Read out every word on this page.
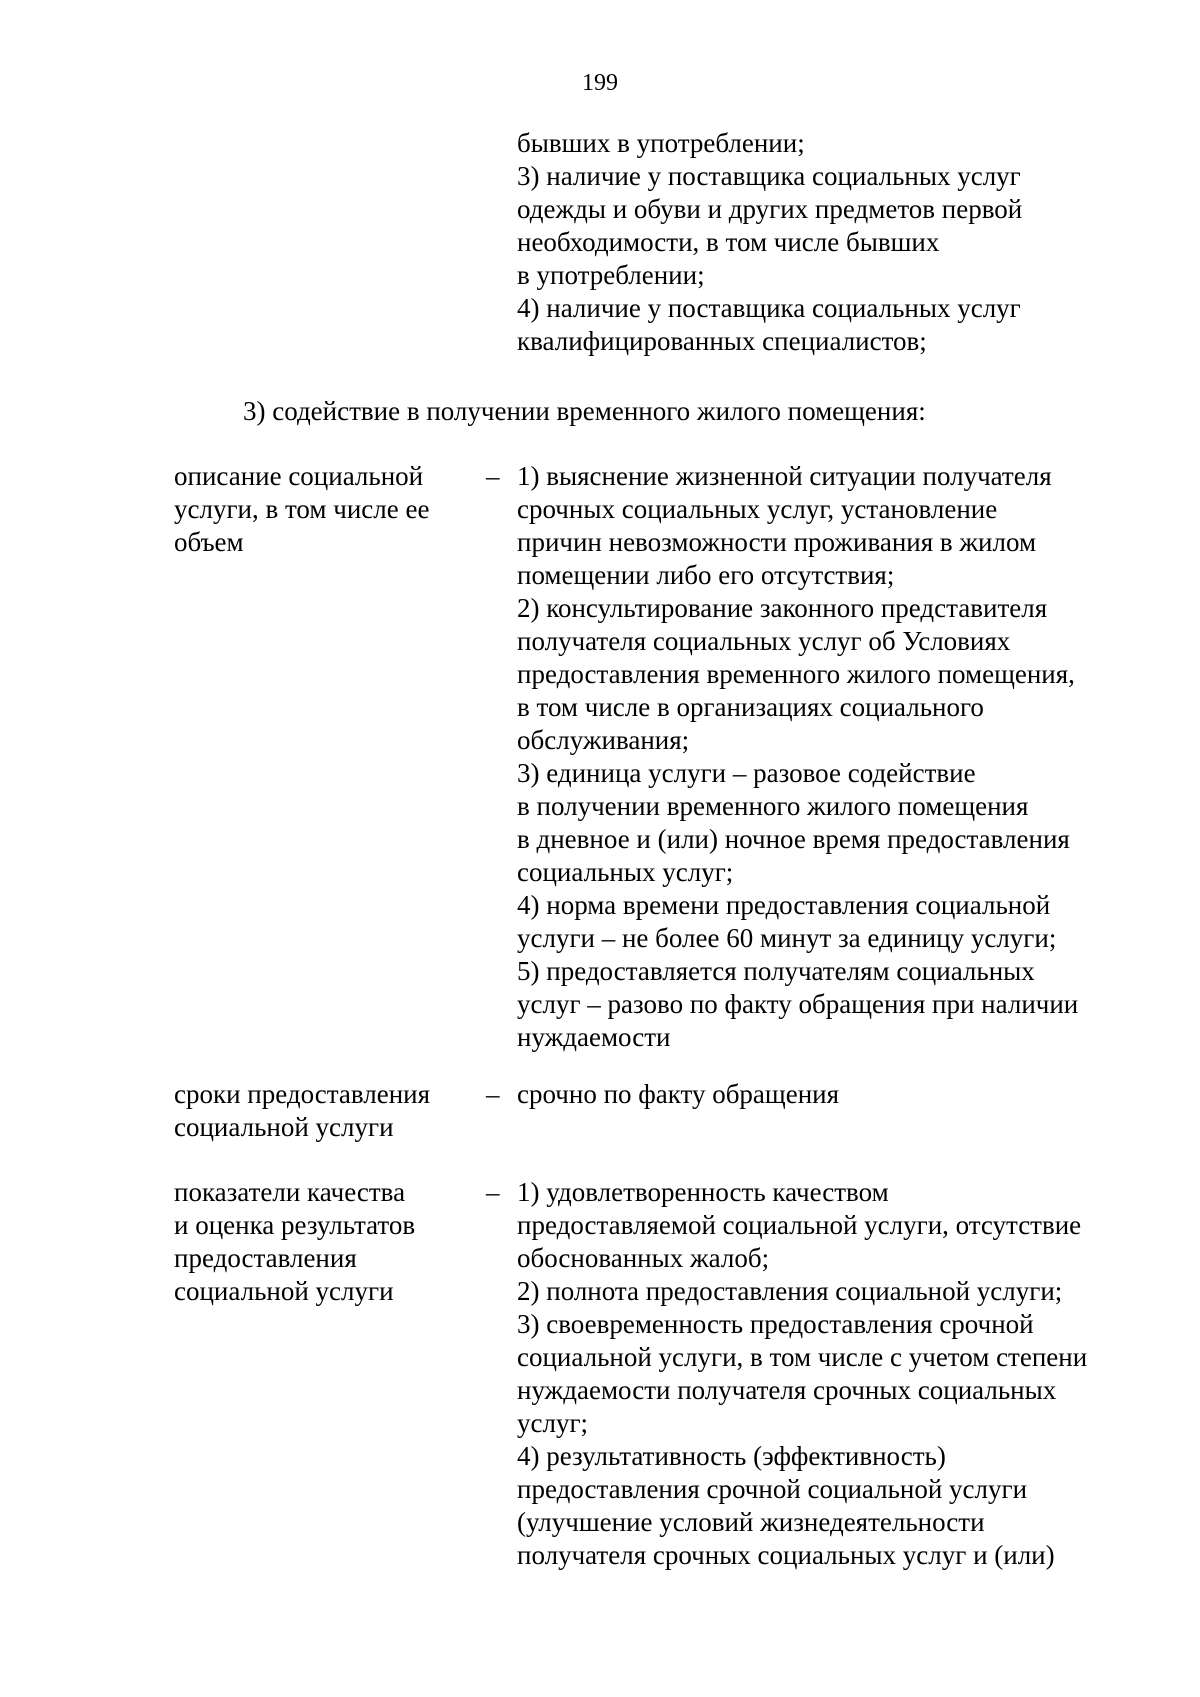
199
бывших в употреблении;
3) наличие у поставщика социальных услуг
одежды и обуви и других предметов первой
необходимости, в том числе бывших
в употреблении;
4) наличие у поставщика социальных услуг
квалифицированных специалистов;
3) содействие в получении временного жилого помещения:
описание социальной
услуги, в том числе ее
объем
– 1) выяснение жизненной ситуации получателя
срочных социальных услуг, установление
причин невозможности проживания в жилом
помещении либо его отсутствия;
2) консультирование законного представителя
получателя социальных услуг об Условиях
предоставления временного жилого помещения,
в том числе в организациях социального
обслуживания;
3) единица услуги – разовое содействие
в получении временного жилого помещения
в дневное и (или) ночное время предоставления
социальных услуг;
4) норма времени предоставления социальной
услуги – не более 60 минут за единицу услуги;
5) предоставляется получателям социальных
услуг – разово по факту обращения при наличии
нуждаемости
сроки предоставления
социальной услуги
– срочно по факту обращения
показатели качества
и оценка результатов
предоставления
социальной услуги
– 1) удовлетворенность качеством
предоставляемой социальной услуги, отсутствие
обоснованных жалоб;
2) полнота предоставления социальной услуги;
3) своевременность предоставления срочной
социальной услуги, в том числе с учетом степени
нуждаемости получателя срочных социальных
услуг;
4) результативность (эффективность)
предоставления срочной социальной услуги
(улучшение условий жизнедеятельности
получателя срочных социальных услуг и (или)
